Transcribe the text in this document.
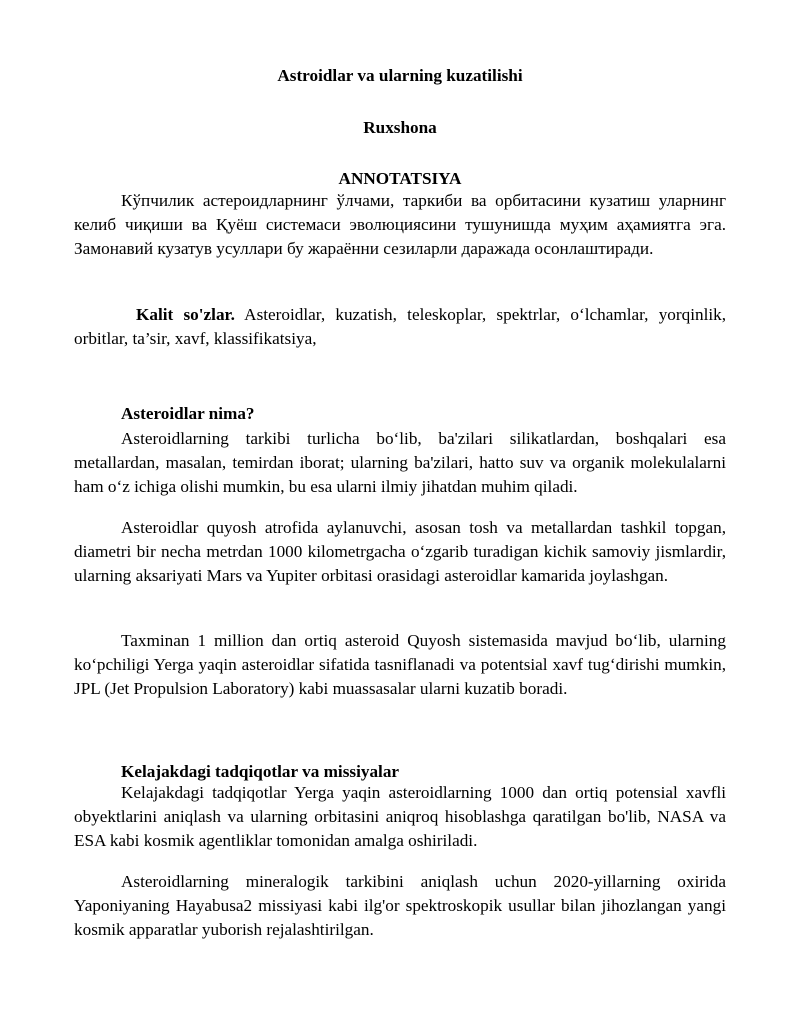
Astroidlar va ularning kuzatilishi

Ruxshona

ANNOTATSIYA

Кўпчилик астероидларнинг ўлчами, таркиби ва орбитасини кузатиш уларнинг келиб чиқиши ва Қуёш системаси эволюциясини тушунишда муҳим аҳамиятга эга. Замонавий кузатув усуллари бу жараённи сезиларли даражада осонлаштиради.

Kalit so'zlar. Asteroidlar, kuzatish, teleskoplar, spektrlar, o‘lchamlar, yorqinlik, orbitlar, ta’sir, xavf, klassifikatsiya,

Asteroidlar nima?

Asteroidlarning tarkibi turlicha bo‘lib, ba'zilari silikatlardan, boshqalari esa metallardan, masalan, temirdan iborat; ularning ba'zilari, hatto suv va organik molekulalarni ham o‘z ichiga olishi mumkin, bu esa ularni ilmiy jihatdan muhim qiladi.

Asteroidlar quyosh atrofida aylanuvchi, asosan tosh va metallardan tashkil topgan, diametri bir necha metrdan 1000 kilometrgacha o‘zgarib turadigan kichik samoviy jismlardir, ularning aksariyati Mars va Yupiter orbitasi orasidagi asteroidlar kamarida joylashgan.

Taxminan 1 million dan ortiq asteroid Quyosh sistemasida mavjud bo‘lib, ularning ko‘pchiligi Yerga yaqin asteroidlar sifatida tasniflanadi va potentsial xavf tug‘dirishi mumkin, JPL (Jet Propulsion Laboratory) kabi muassasalar ularni kuzatib boradi.

Kelajakdagi tadqiqotlar va missiyalar

Kelajakdagi tadqiqotlar Yerga yaqin asteroidlarning 1000 dan ortiq potensial xavfli obyektlarini aniqlash va ularning orbitasini aniqroq hisoblashga qaratilgan bo'lib, NASA va ESA kabi kosmik agentliklar tomonidan amalga oshiriladi.

Asteroidlarning mineralogik tarkibini aniqlash uchun 2020-yillarning oxirida Yaponiyaning Hayabusa2 missiyasi kabi ilg'or spektroskopik usullar bilan jihozlangan yangi kosmik apparatlar yuborish rejalashtirilgan.
